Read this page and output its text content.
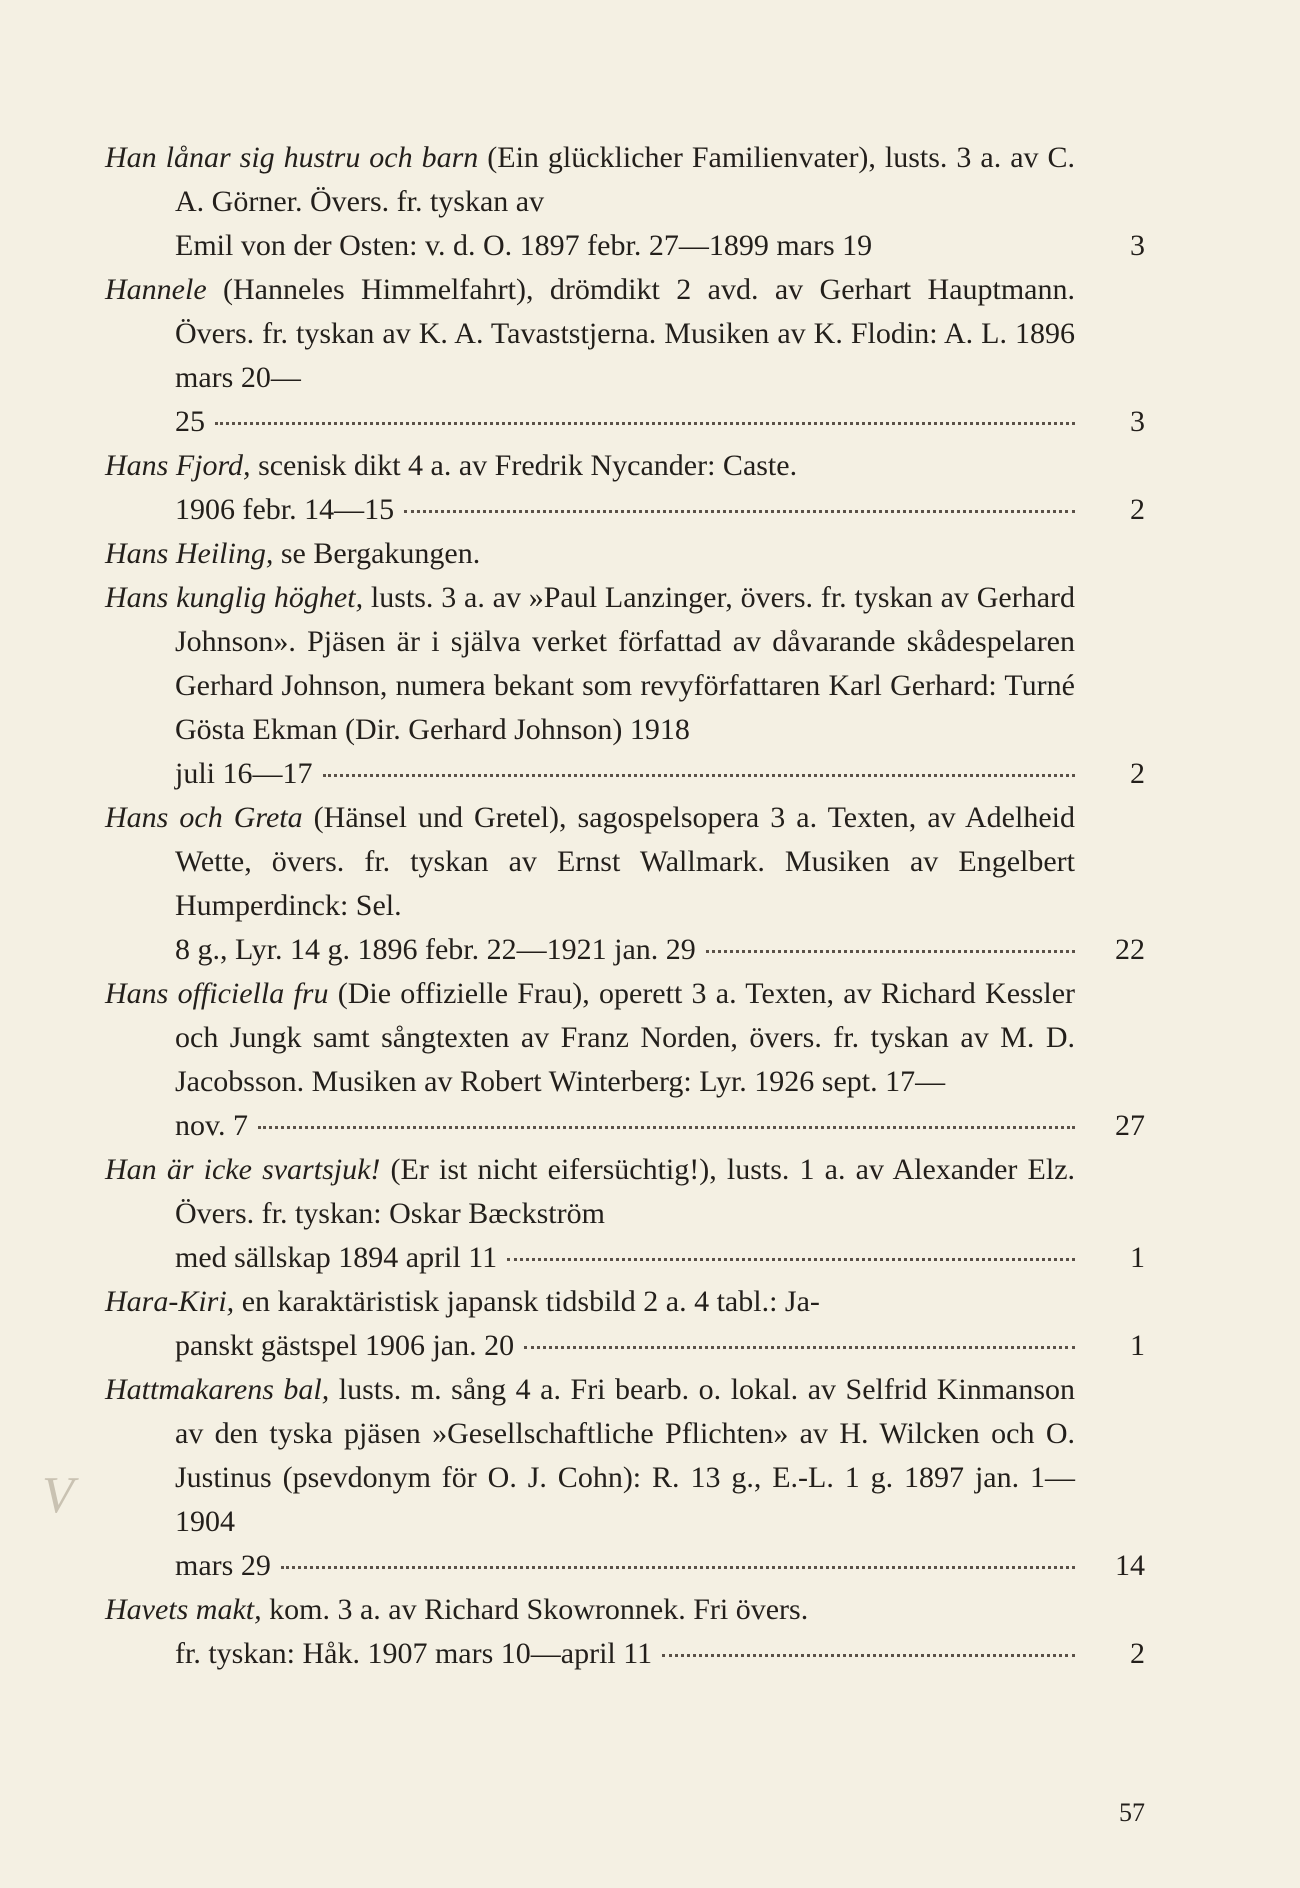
V
Han lånar sig hustru och barn (Ein glücklicher Familienvater), lusts. 3 a. av C. A. Görner. Övers. fr. tyskan av
Emil von der Osten: v. d. O. 1897 febr. 27—1899 mars 19	3
Hannele (Hanneles Himmelfahrt), drömdikt 2 avd. av Gerhart Hauptmann. Övers. fr. tyskan av K. A. Tavaststjerna. Musiken av K. Flodin: A. L. 1896 mars 20—
25	3
Hans Fjord, scenisk dikt 4 a. av Fredrik Nycander: Caste.
1906 febr. 14—15	2
Hans Heiling, se Bergakungen.
Hans kunglig höghet, lusts. 3 a. av »Paul Lanzinger, övers. fr. tyskan av Gerhard Johnson». Pjäsen är i själva verket författad av dåvarande skådespelaren Gerhard Johnson, numera bekant som revyförfattaren Karl Gerhard: Turné Gösta Ekman (Dir. Gerhard Johnson) 1918
juli 16—17	2
Hans och Greta (Hänsel und Gretel), sagospelsopera 3 a. Texten, av Adelheid Wette, övers. fr. tyskan av Ernst Wallmark. Musiken av Engelbert Humperdinck: Sel.
8 g., Lyr. 14 g. 1896 febr. 22—1921 jan. 29	22
Hans officiella fru (Die offizielle Frau), operett 3 a. Texten, av Richard Kessler och Jungk samt sångtexten av Franz Norden, övers. fr. tyskan av M. D. Jacobsson. Musiken av Robert Winterberg: Lyr. 1926 sept. 17—
nov. 7	27
Han är icke svartsjuk! (Er ist nicht eifersüchtig!), lusts. 1 a. av Alexander Elz. Övers. fr. tyskan: Oskar Bæckström
med sällskap 1894 april 11	1
Hara-Kiri, en karaktäristisk japansk tidsbild 2 a. 4 tabl.: Ja-
panskt gästspel 1906 jan. 20	1
Hattmakarens bal, lusts. m. sång 4 a. Fri bearb. o. lokal. av Selfrid Kinmanson av den tyska pjäsen »Gesellschaftliche Pflichten» av H. Wilcken och O. Justinus (psevdonym för O. J. Cohn): R. 13 g., E.-L. 1 g. 1897 jan. 1—1904
mars 29	14
Havets makt, kom. 3 a. av Richard Skowronnek. Fri övers.
fr. tyskan: Håk. 1907 mars 10—april 11	2
57
